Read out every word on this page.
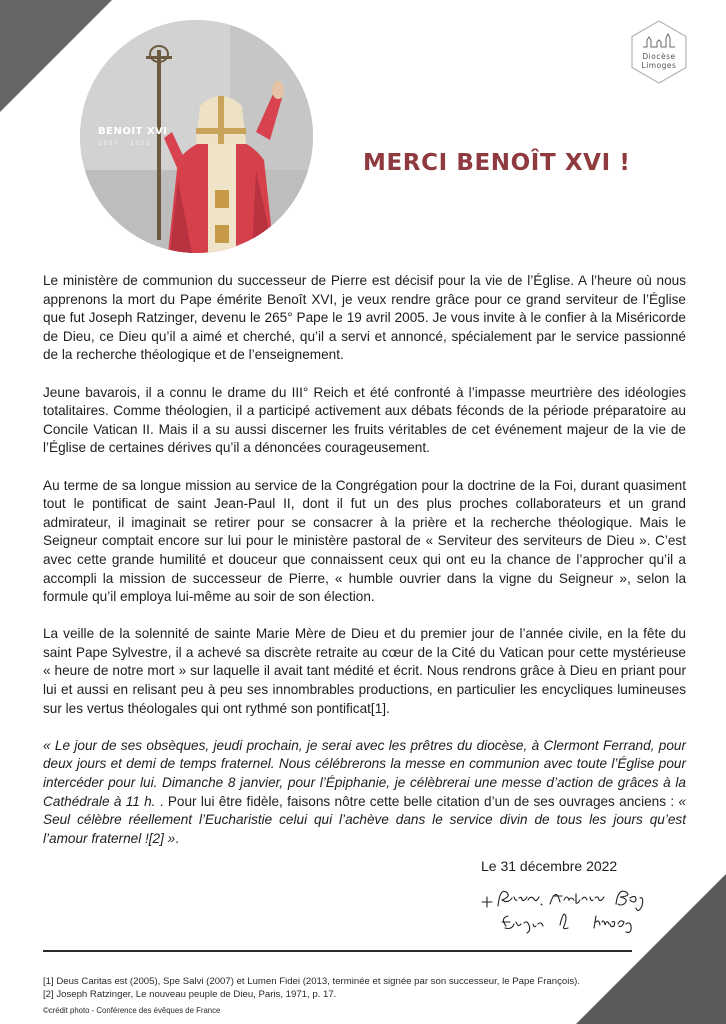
BENOIT XVI
1927 - 2022
Diocèse
Limoges
MERCI BENOÎT XVI !

Le ministère de communion du successeur de Pierre est décisif pour la vie de l’Église. A l’heure où nous apprenons la mort du Pape émérite Benoît XVI, je veux rendre grâce pour ce grand serviteur de l’Église que fut Joseph Ratzinger, devenu le 265° Pape le 19 avril 2005. Je vous invite à le confier à la Miséricorde de Dieu, ce Dieu qu’il a aimé et cherché, qu’il a servi et annoncé, spécialement par le service passionné de la recherche théologique et de l’enseignement.

Jeune bavarois, il a connu le drame du III° Reich et été confronté à l’impasse meurtrière des idéologies totalitaires. Comme théologien, il a participé activement aux débats féconds de la période préparatoire au Concile Vatican II. Mais il a su aussi discerner les fruits véritables de cet événement majeur de la vie de l’Église de certaines dérives qu’il a dénoncées courageusement.

Au terme de sa longue mission au service de la Congrégation pour la doctrine de la Foi, durant quasiment tout le pontificat de saint Jean-Paul II, dont il fut un des plus proches collaborateurs et un grand admirateur, il imaginait se retirer pour se consacrer à la prière et la recherche théologique. Mais le Seigneur comptait encore sur lui pour le ministère pastoral de « Serviteur des serviteurs de Dieu ». C’est avec cette grande humilité et douceur que connaissent ceux qui ont eu la chance de l’approcher qu’il a accompli la mission de successeur de Pierre, « humble ouvrier dans la vigne du Seigneur », selon la formule qu’il employa lui-même au soir de son élection.

La veille de la solennité de sainte Marie Mère de Dieu et du premier jour de l’année civile, en la fête du saint Pape Sylvestre, il a achevé sa discrète retraite au cœur de la Cité du Vatican pour cette mystérieuse « heure de notre mort » sur laquelle il avait tant médité et écrit. Nous rendrons grâce à Dieu en priant pour lui et aussi en relisant peu à peu ses innombrables productions, en particulier les encycliques lumineuses sur les vertus théologales qui ont rythmé son pontificat[1].

« Le jour de ses obsèques, jeudi prochain, je serai avec les prêtres du diocèse, à Clermont Ferrand, pour deux jours et demi de temps fraternel. Nous célébrerons la messe en communion avec toute l’Église pour intercéder pour lui. Dimanche 8 janvier, pour l’Épiphanie, je célèbrerai une messe d’action de grâces à la Cathédrale à 11 h. . Pour lui être fidèle, faisons nôtre cette belle citation d’un de ses ouvrages anciens : « Seul célèbre réellement l’Eucharistie celui qui l’achève dans le service divin de tous les jours qu’est l’amour fraternel ![2] ».

Le 31 décembre 2022
[1] Deus Caritas est (2005), Spe Salvi (2007) et Lumen Fidei (2013, terminée et signée par son successeur, le Pape François).
[2] Joseph Ratzinger, Le nouveau peuple de Dieu, Paris, 1971, p. 17.
©crédit photo - Conférence des évêques de France
